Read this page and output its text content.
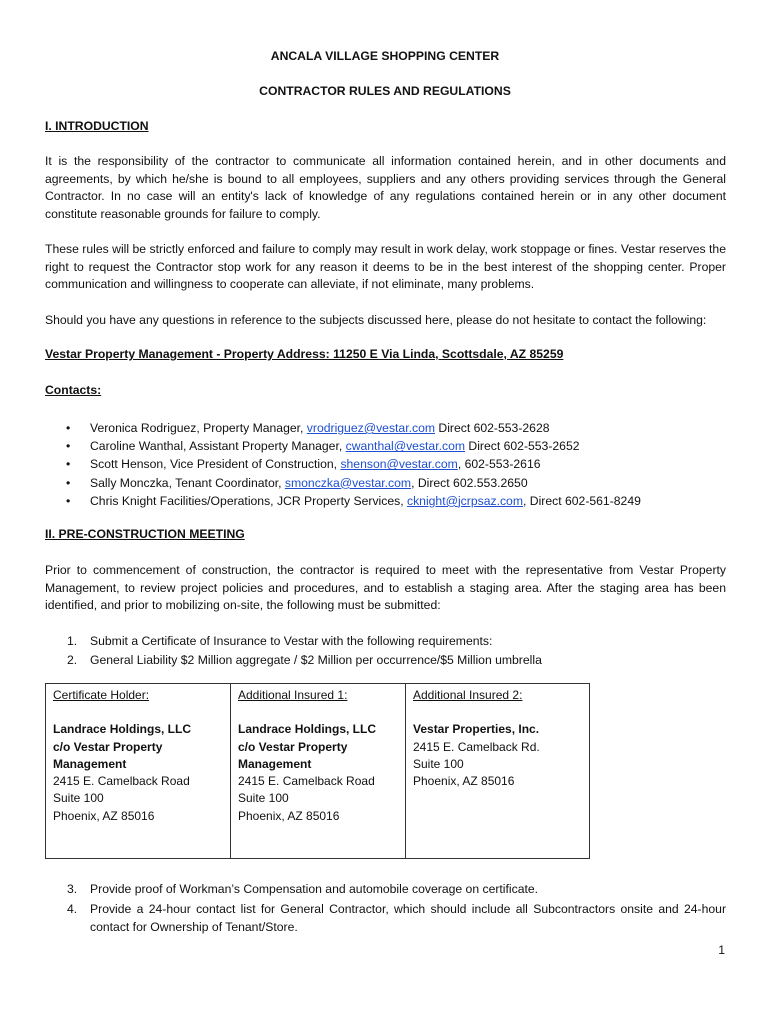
ANCALA VILLAGE SHOPPING CENTER
CONTRACTOR RULES AND REGULATIONS
I. INTRODUCTION
It is the responsibility of the contractor to communicate all information contained herein, and in other documents and agreements, by which he/she is bound to all employees, suppliers and any others providing services through the General Contractor. In no case will an entity's lack of knowledge of any regulations contained herein or in any other document constitute reasonable grounds for failure to comply.
These rules will be strictly enforced and failure to comply may result in work delay, work stoppage or fines. Vestar reserves the right to request the Contractor stop work for any reason it deems to be in the best interest of the shopping center. Proper communication and willingness to cooperate can alleviate, if not eliminate, many problems.
Should you have any questions in reference to the subjects discussed here, please do not hesitate to contact the following:
Vestar Property Management - Property Address: 11250 E Via Linda, Scottsdale, AZ 85259
Contacts:
• Veronica Rodriguez, Property Manager, vrodriguez@vestar.com Direct 602-553-2628
• Caroline Wanthal, Assistant Property Manager, cwanthal@vestar.com Direct 602-553-2652
• Scott Henson, Vice President of Construction, shenson@vestar.com, 602-553-2616
• Sally Monczka, Tenant Coordinator, smonczka@vestar.com, Direct 602.553.2650
• Chris Knight Facilities/Operations, JCR Property Services, cknight@jcrpsaz.com, Direct 602-561-8249
II. PRE-CONSTRUCTION MEETING
Prior to commencement of construction, the contractor is required to meet with the representative from Vestar Property Management, to review project policies and procedures, and to establish a staging area. After the staging area has been identified, and prior to mobilizing on-site, the following must be submitted:
1. Submit a Certificate of Insurance to Vestar with the following requirements:
2. General Liability $2 Million aggregate / $2 Million per occurrence/$5 Million umbrella
Certificate Holder:
Landrace Holdings, LLC
c/o Vestar Property
Management
2415 E. Camelback Road
Suite 100
Phoenix, AZ 85016

Additional Insured 1:
Landrace Holdings, LLC
c/o Vestar Property
Management
2415 E. Camelback Road
Suite 100
Phoenix, AZ 85016

Additional Insured 2:
Vestar Properties, Inc.
2415 E. Camelback Rd.
Suite 100
Phoenix, AZ 85016
3. Provide proof of Workman’s Compensation and automobile coverage on certificate.
4. Provide a 24-hour contact list for General Contractor, which should include all Subcontractors onsite and 24-hour contact for Ownership of Tenant/Store.
1
